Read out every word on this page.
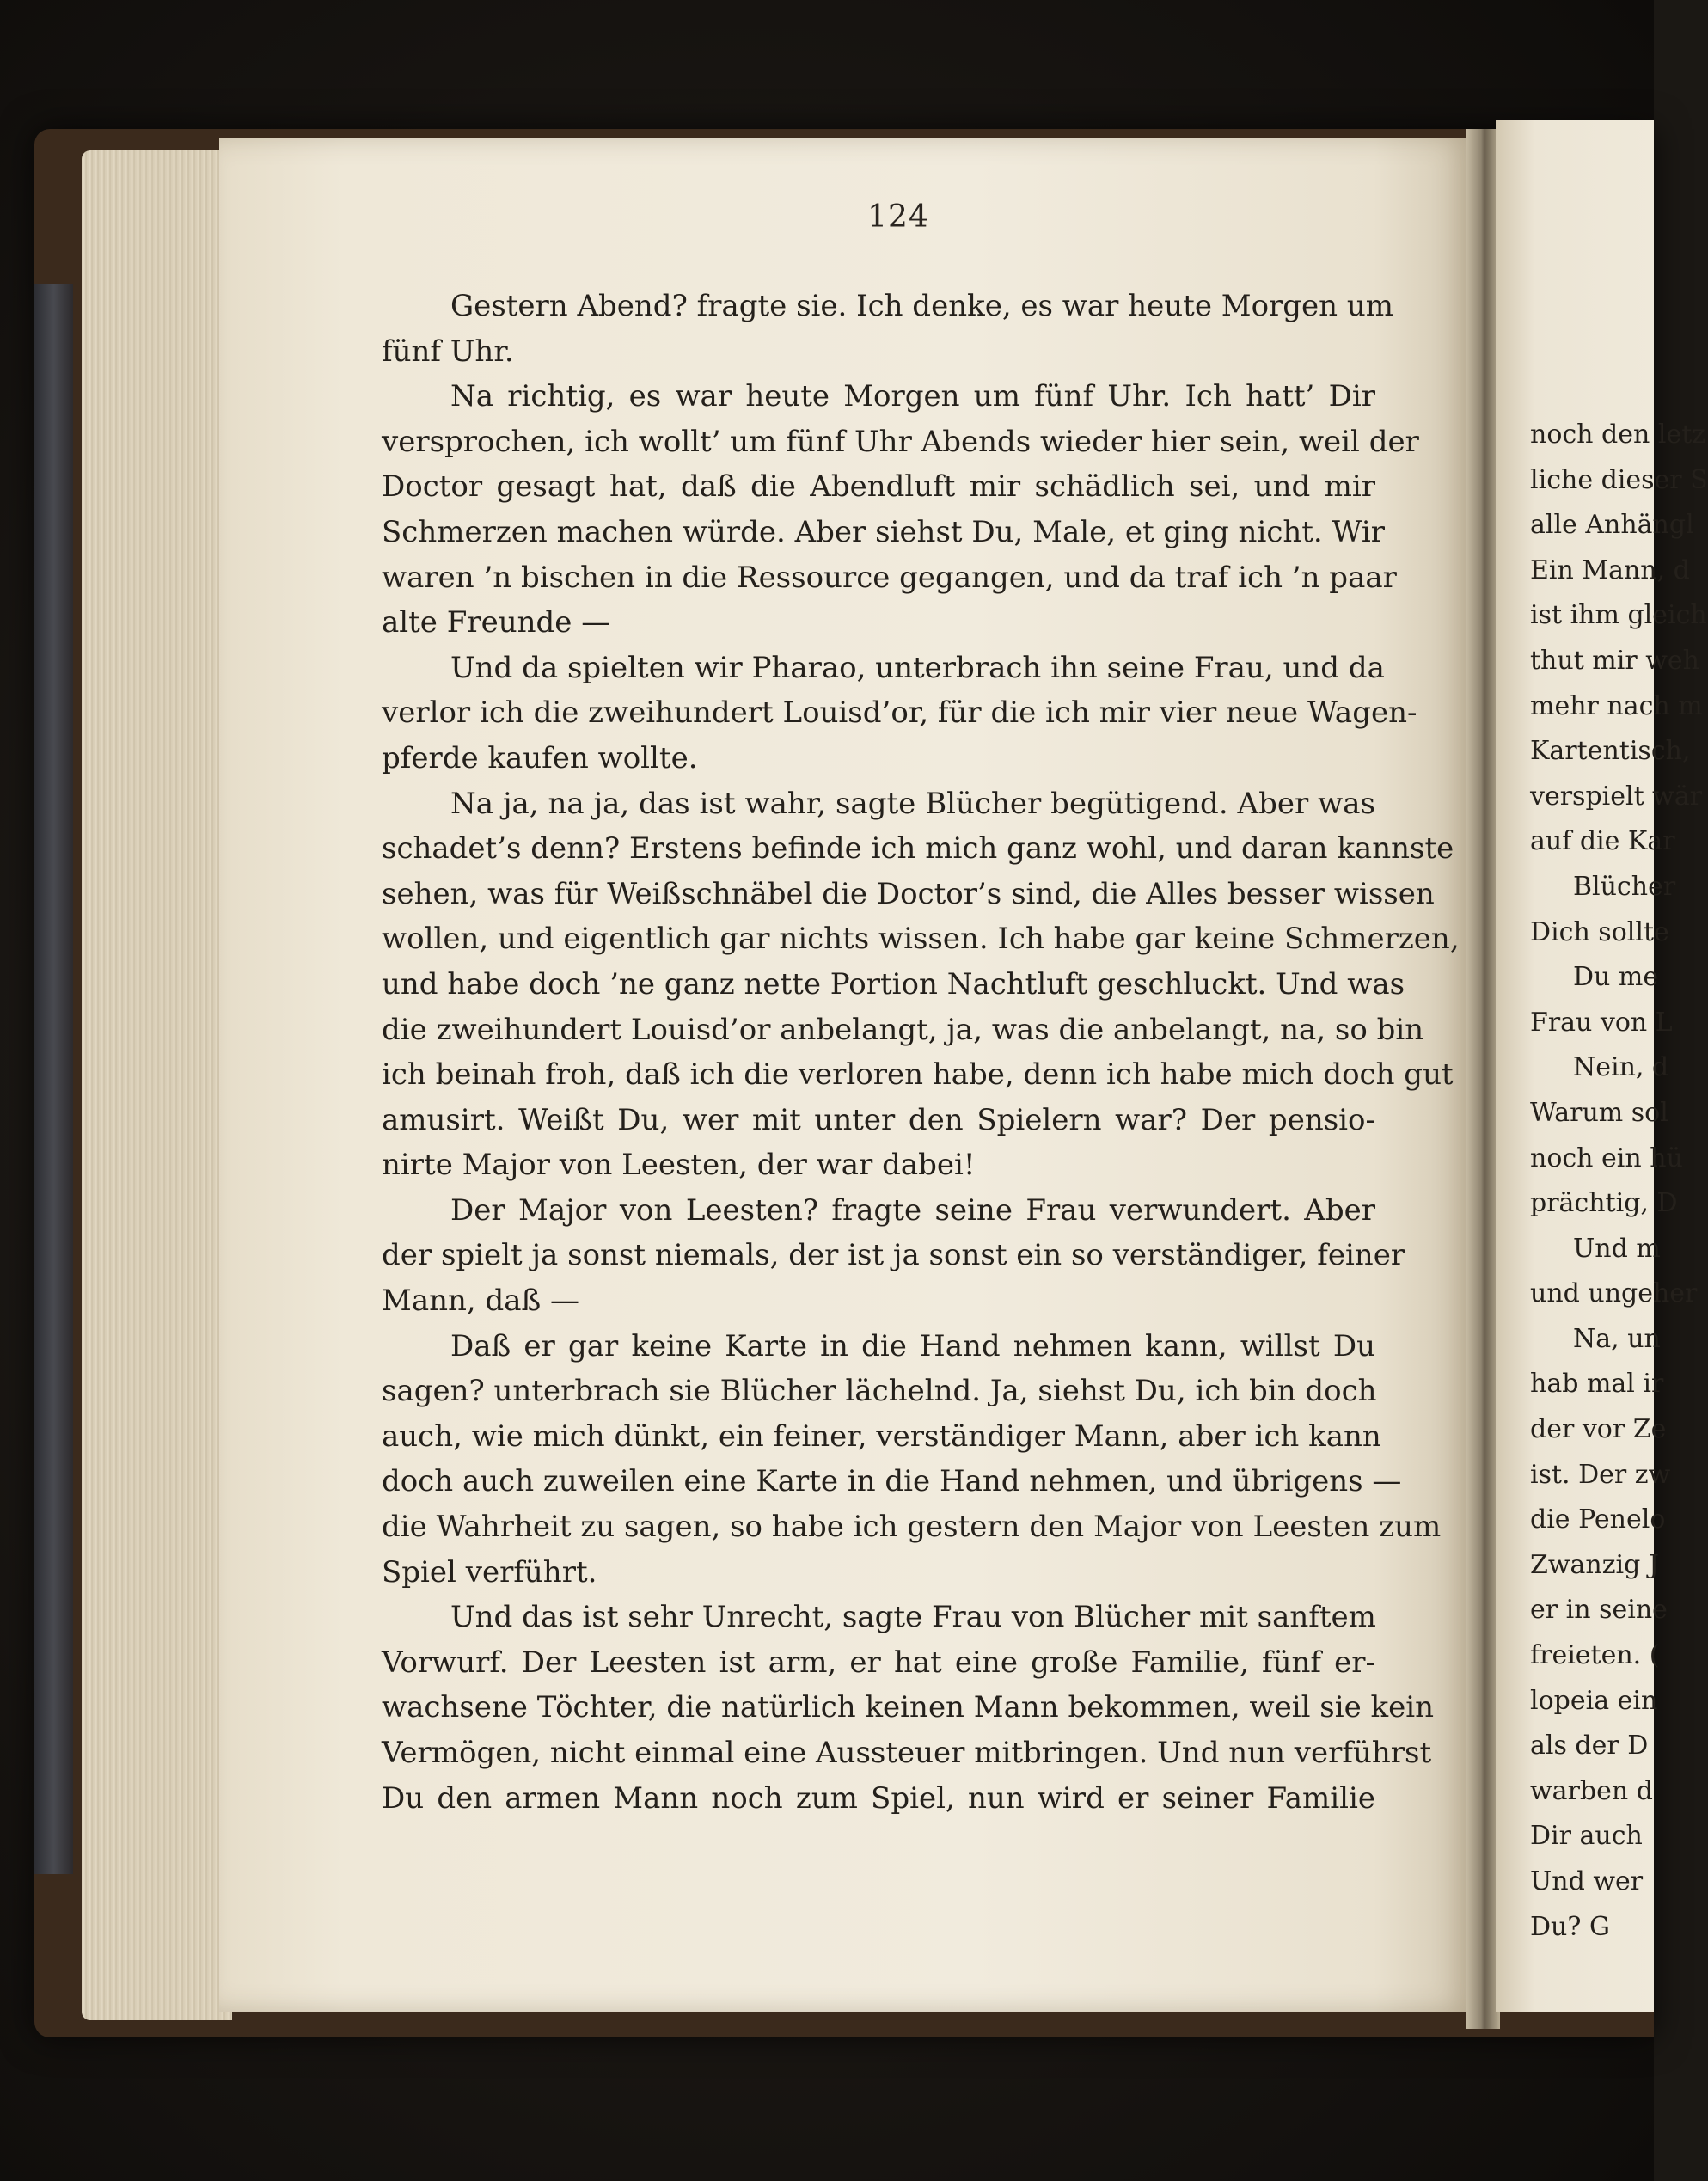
noch den letz
liche dieser S
alle Anhängl
Ein Mann, d
ist ihm gleich
thut mir weh
mehr nach m
Kartentisch,
verspielt wär
auf die Kar
Blücher
Dich sollte
Du me
Frau von L
Nein, d
Warum sol
noch ein hü
prächtig, D
Und m
und ungeher
Na, un
hab mal ir
der vor Ze
ist. Der zw
die Penelo
Zwanzig J
er in seine
freieten. (
lopeia ein
als der D
warben d
Dir auch
Und wer
Du? G
124
Gestern Abend? fragte sie. Ich denke, es war heute Morgen um
fünf Uhr.
Na richtig, es war heute Morgen um fünf Uhr. Ich hatt’ Dir
versprochen, ich wollt’ um fünf Uhr Abends wieder hier sein, weil der
Doctor gesagt hat, daß die Abendluft mir schädlich sei, und mir
Schmerzen machen würde. Aber siehst Du, Male, et ging nicht. Wir
waren ’n bischen in die Ressource gegangen, und da traf ich ’n paar
alte Freunde —
Und da spielten wir Pharao, unterbrach ihn seine Frau, und da
verlor ich die zweihundert Louisd’or, für die ich mir vier neue Wagen-
pferde kaufen wollte.
Na ja, na ja, das ist wahr, sagte Blücher begütigend. Aber was
schadet’s denn? Erstens befinde ich mich ganz wohl, und daran kannste
sehen, was für Weißschnäbel die Doctor’s sind, die Alles besser wissen
wollen, und eigentlich gar nichts wissen. Ich habe gar keine Schmerzen,
und habe doch ’ne ganz nette Portion Nachtluft geschluckt. Und was
die zweihundert Louisd’or anbelangt, ja, was die anbelangt, na, so bin
ich beinah froh, daß ich die verloren habe, denn ich habe mich doch gut
amusirt. Weißt Du, wer mit unter den Spielern war? Der pensio-
nirte Major von Leesten, der war dabei!
Der Major von Leesten? fragte seine Frau verwundert. Aber
der spielt ja sonst niemals, der ist ja sonst ein so verständiger, feiner
Mann, daß —
Daß er gar keine Karte in die Hand nehmen kann, willst Du
sagen? unterbrach sie Blücher lächelnd. Ja, siehst Du, ich bin doch
auch, wie mich dünkt, ein feiner, verständiger Mann, aber ich kann
doch auch zuweilen eine Karte in die Hand nehmen, und übrigens —
die Wahrheit zu sagen, so habe ich gestern den Major von Leesten zum
Spiel verführt.
Und das ist sehr Unrecht, sagte Frau von Blücher mit sanftem
Vorwurf. Der Leesten ist arm, er hat eine große Familie, fünf er-
wachsene Töchter, die natürlich keinen Mann bekommen, weil sie kein
Vermögen, nicht einmal eine Aussteuer mitbringen. Und nun verführst
Du den armen Mann noch zum Spiel, nun wird er seiner Familie
